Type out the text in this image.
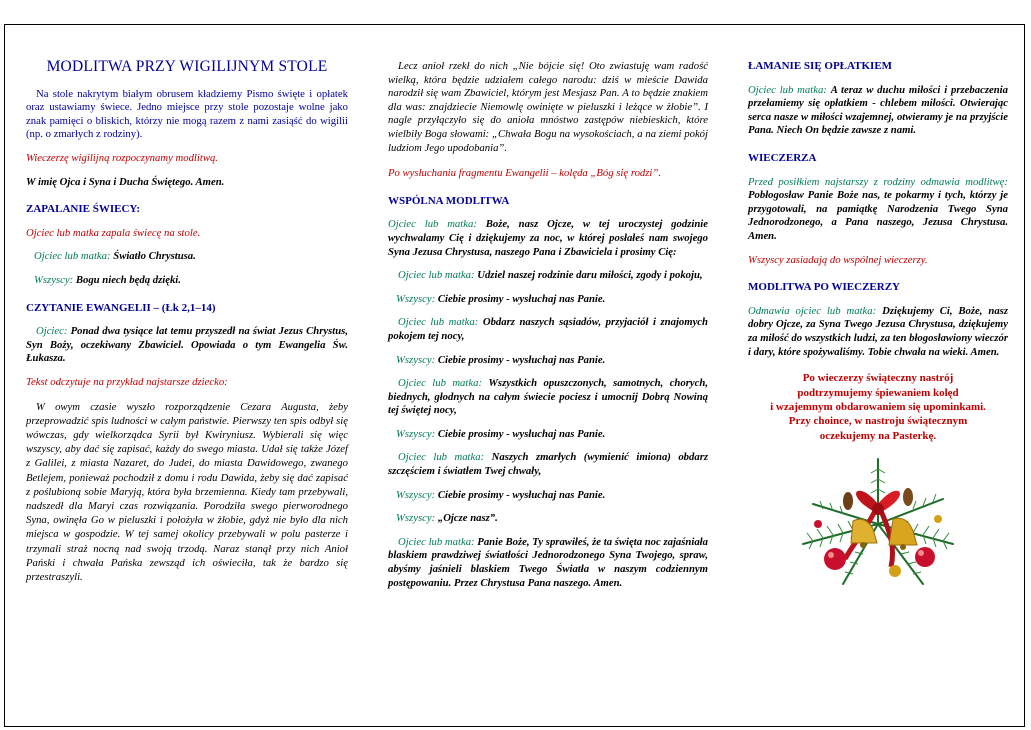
MODLITWA PRZY WIGILIJNYM STOLE

Na stole nakrytym białym obrusem kładziemy Pismo święte i opłatek oraz ustawiamy świece. Jedno miejsce przy stole pozostaje wolne jako znak pamięci o bliskich, którzy nie mogą razem z nami zasiąść do wigilii (np. o zmarłych z rodziny).

Wieczerzę wigilijną rozpoczynamy modlitwą.

W imię Ojca i Syna i Ducha Świętego. Amen.

ZAPALANIE ŚWIECY:

Ojciec lub matka zapala świecę na stole.

Ojciec lub matka: Światło Chrystusa.

Wszyscy: Bogu niech będą dzięki.

CZYTANIE EWANGELII – (Łk 2,1–14)

Ojciec: Ponad dwa tysiące lat temu przyszedł na świat Jezus Chrystus, Syn Boży, oczekiwany Zbawiciel. Opowiada o tym Ewangelia Św. Łukasza.

Tekst odczytuje na przykład najstarsze dziecko:

W owym czasie wyszło rozporządzenie Cezara Augusta, żeby przeprowadzić spis ludności w całym państwie. Pierwszy ten spis odbył się wówczas, gdy wielkorządca Syrii był Kwiryniusz. Wybierali się więc wszyscy, aby dać się zapisać, każdy do swego miasta. Udał się także Józef z Galilei, z miasta Nazaret, do Judei, do miasta Dawidowego, zwanego Betlejem, ponieważ pochodził z domu i rodu Dawida, żeby się dać zapisać z poślubioną sobie Maryją, która była brzemienna. Kiedy tam przebywali, nadszedł dla Maryi czas rozwiązania. Porodziła swego pierworodnego Syna, owinęła Go w pieluszki i położyła w żłobie, gdyż nie było dla nich miejsca w gospodzie. W tej samej okolicy przebywali w polu pasterze i trzymali straż nocną nad swoją trzodą. Naraz stanął przy nich Anioł Pański i chwała Pańska zewsząd ich oświeciła, tak że bardzo się przestraszyli.

Lecz anioł rzekł do nich „Nie bójcie się! Oto zwiastuję wam radość wielką, która będzie udziałem całego narodu: dziś w mieście Dawida narodził się wam Zbawiciel, którym jest Mesjasz Pan. A to będzie znakiem dla was: znajdziecie Niemowlę owinięte w pieluszki i leżące w żłobie”. I nagle przyłączyło się do anioła mnóstwo zastępów niebieskich, które wielbiły Boga słowami: „Chwała Bogu na wysokościach, a na ziemi pokój ludziom Jego upodobania”.

Po wysłuchaniu fragmentu Ewangelii – kolęda „Bóg się rodzi”.

WSPÓLNA MODLITWA

Ojciec lub matka: Boże, nasz Ojcze, w tej uroczystej godzinie wychwalamy Cię i dziękujemy za noc, w której posłałeś nam swojego Syna Jezusa Chrystusa, naszego Pana i Zbawiciela i prosimy Cię:

Ojciec lub matka: Udziel naszej rodzinie daru miłości, zgody i pokoju,

Wszyscy: Ciebie prosimy - wysłuchaj nas Panie.

Ojciec lub matka: Obdarz naszych sąsiadów, przyjaciół i znajomych pokojem tej nocy,

Wszyscy: Ciebie prosimy - wysłuchaj nas Panie.

Ojciec lub matka: Wszystkich opuszczonych, samotnych, chorych, biednych, głodnych na całym świecie pociesz i umocnij Dobrą Nowiną tej świętej nocy,

Wszyscy: Ciebie prosimy - wysłuchaj nas Panie.

Ojciec lub matka: Naszych zmarłych (wymienić imiona) obdarz szczęściem i światłem Twej chwały,

Wszyscy: Ciebie prosimy - wysłuchaj nas Panie.

Wszyscy: „Ojcze nasz”.

Ojciec lub matka: Panie Boże, Ty sprawiłeś, że ta święta noc zajaśniała blaskiem prawdziwej światłości Jednorodzonego Syna Twojego, spraw, abyśmy jaśnieli blaskiem Twego Światła w naszym codziennym postępowaniu. Przez Chrystusa Pana naszego. Amen.

ŁAMANIE SIĘ OPŁATKIEM

Ojciec lub matka: A teraz w duchu miłości i przebaczenia przełamiemy się opłatkiem - chlebem miłości. Otwierając serca nasze w miłości wzajemnej, otwieramy je na przyjście Pana. Niech On będzie zawsze z nami.

WIECZERZA

Przed posiłkiem najstarszy z rodziny odmawia modlitwę: Pobłogosław Panie Boże nas, te pokarmy i tych, którzy je przygotowali, na pamiątkę Narodzenia Twego Syna Jednorodzonego, a Pana naszego, Jezusa Chrystusa. Amen.

Wszyscy zasiadają do wspólnej wieczerzy.

MODLITWA PO WIECZERZY

Odmawia ojciec lub matka: Dziękujemy Ci, Boże, nasz dobry Ojcze, za Syna Twego Jezusa Chrystusa, dziękujemy za miłość do wszystkich ludzi, za ten błogosławiony wieczór i dary, które spożywaliśmy. Tobie chwała na wieki. Amen.

Po wieczerzy świąteczny nastrój
podtrzymujemy śpiewaniem kolęd
i wzajemnym obdarowaniem się upominkami.
Przy choince, w nastroju świątecznym
oczekujemy na Pasterkę.
